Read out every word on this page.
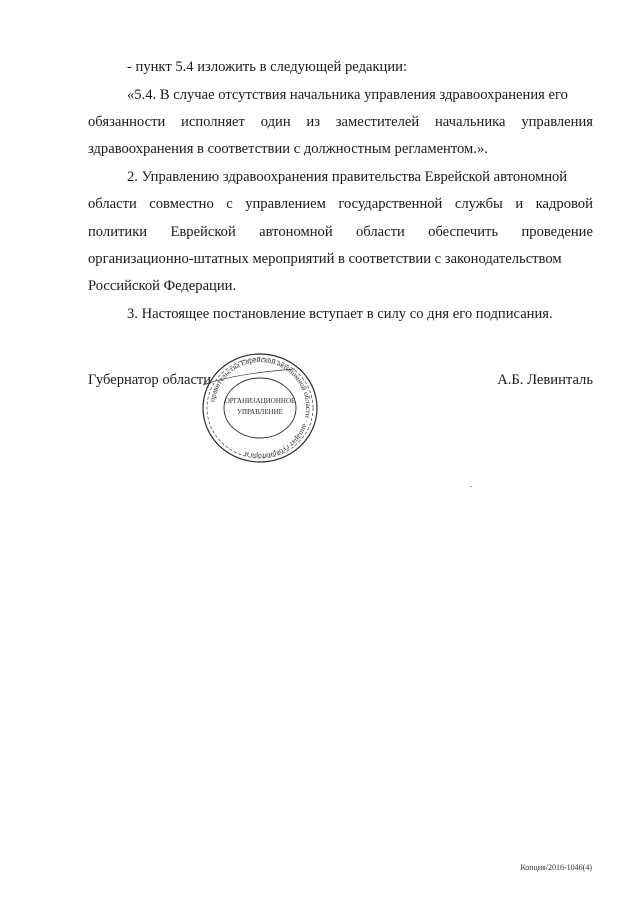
- пункт 5.4 изложить в следующей редакции:
«5.4. В случае отсутствия начальника управления здравоохранения его
обязанности исполняет один из заместителей начальника управления
здравоохранения в соответствии с должностным регламентом.».
2. Управлению здравоохранения правительства Еврейской автономной
области совместно с управлением государственной службы и кадровой
политики Еврейской автономной области обеспечить проведение
организационно-штатных мероприятий в соответствии с законодательством
Российской Федерации.
3. Настоящее постановление вступает в силу со дня его подписания.
Губернатор области	А.Б. Левинталь
правительства Еврейской автономной области · аппарат губернатора и
ОРГАНИЗАЦИОННОЕ
УПРАВЛЕНИЕ
Копция/2016-1046(4)
